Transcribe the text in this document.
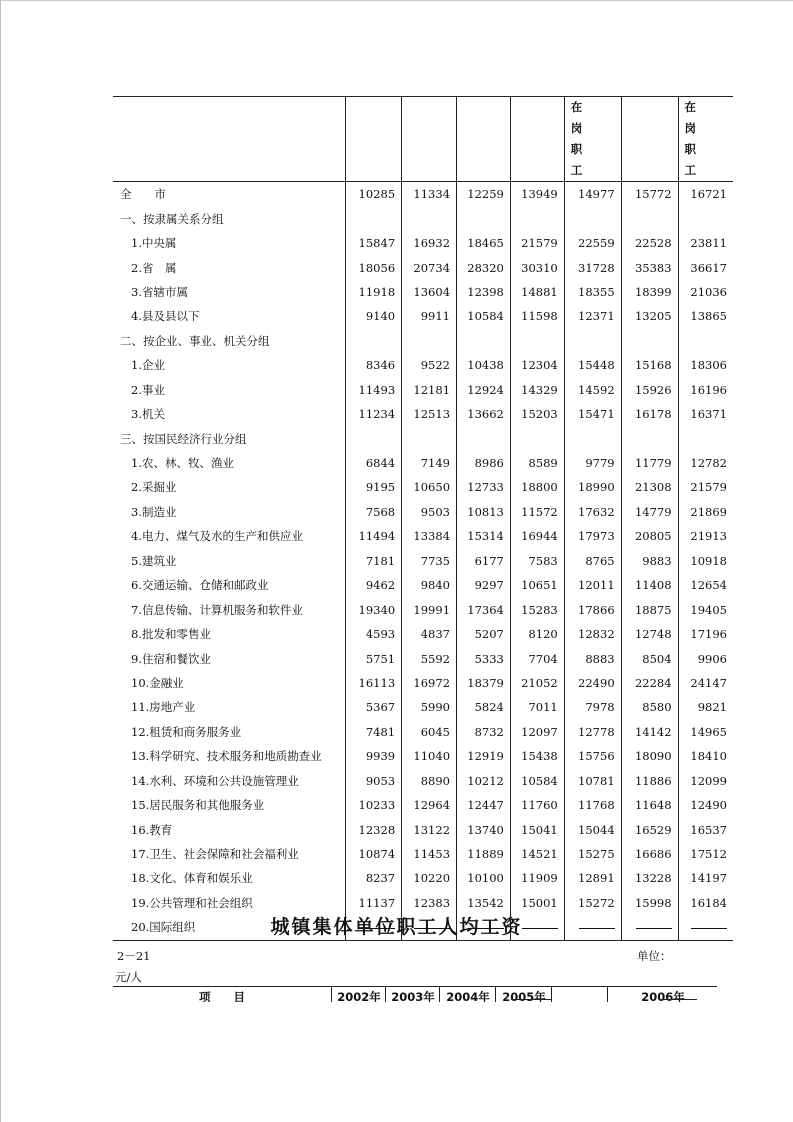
					在岗职工		在岗职工

全　　市	10285	11334	12259	13949	14977	15772	16721
一、按隶属关系分组							
1.中央属	15847	16932	18465	21579	22559	22528	23811
2.省　属	18056	20734	28320	30310	31728	35383	36617
3.省辖市属	11918	13604	12398	14881	18355	18399	21036
4.县及县以下	9140	9911	10584	11598	12371	13205	13865
二、按企业、事业、机关分组							
1.企业	8346	9522	10438	12304	15448	15168	18306
2.事业	11493	12181	12924	14329	14592	15926	16196
3.机关	11234	12513	13662	15203	15471	16178	16371
三、按国民经济行业分组							
1.农、林、牧、渔业	6844	7149	8986	8589	9779	11779	12782
2.采掘业	9195	10650	12733	18800	18990	21308	21579
3.制造业	7568	9503	10813	11572	17632	14779	21869
4.电力、煤气及水的生产和供应业	11494	13384	15314	16944	17973	20805	21913
5.建筑业	7181	7735	6177	7583	8765	9883	10918
6.交通运输、仓储和邮政业	9462	9840	9297	10651	12011	11408	12654
7.信息传输、计算机服务和软件业	19340	19991	17364	15283	17866	18875	19405
8.批发和零售业	4593	4837	5207	8120	12832	12748	17196
9.住宿和餐饮业	5751	5592	5333	7704	8883	8504	9906
10.金融业	16113	16972	18379	21052	22490	22284	24147
11.房地产业	5367	5990	5824	7011	7978	8580	9821
12.租赁和商务服务业	7481	6045	8732	12097	12778	14142	14965
13.科学研究、技术服务和地质勘查业	9939	11040	12919	15438	15756	18090	18410
14.水利、环境和公共设施管理业	9053	8890	10212	10584	10781	11886	12099
15.居民服务和其他服务业	10233	12964	12447	11760	11768	11648	12490
16.教育	12328	13122	13740	15041	15044	16529	16537
17.卫生、社会保障和社会福利业	10874	11453	11889	14521	15275	16686	17512
18.文化、体育和娱乐业	8237	10220	10100	11909	12891	13228	14197
19.公共管理和社会组织	11137	12383	13542	15001	15272	15998	16184
20.国际组织								城镇集体单位职工人均工资
2－21	单位：
元/人
项　　目	2002年 2003年 2004年	2005年	2006年
